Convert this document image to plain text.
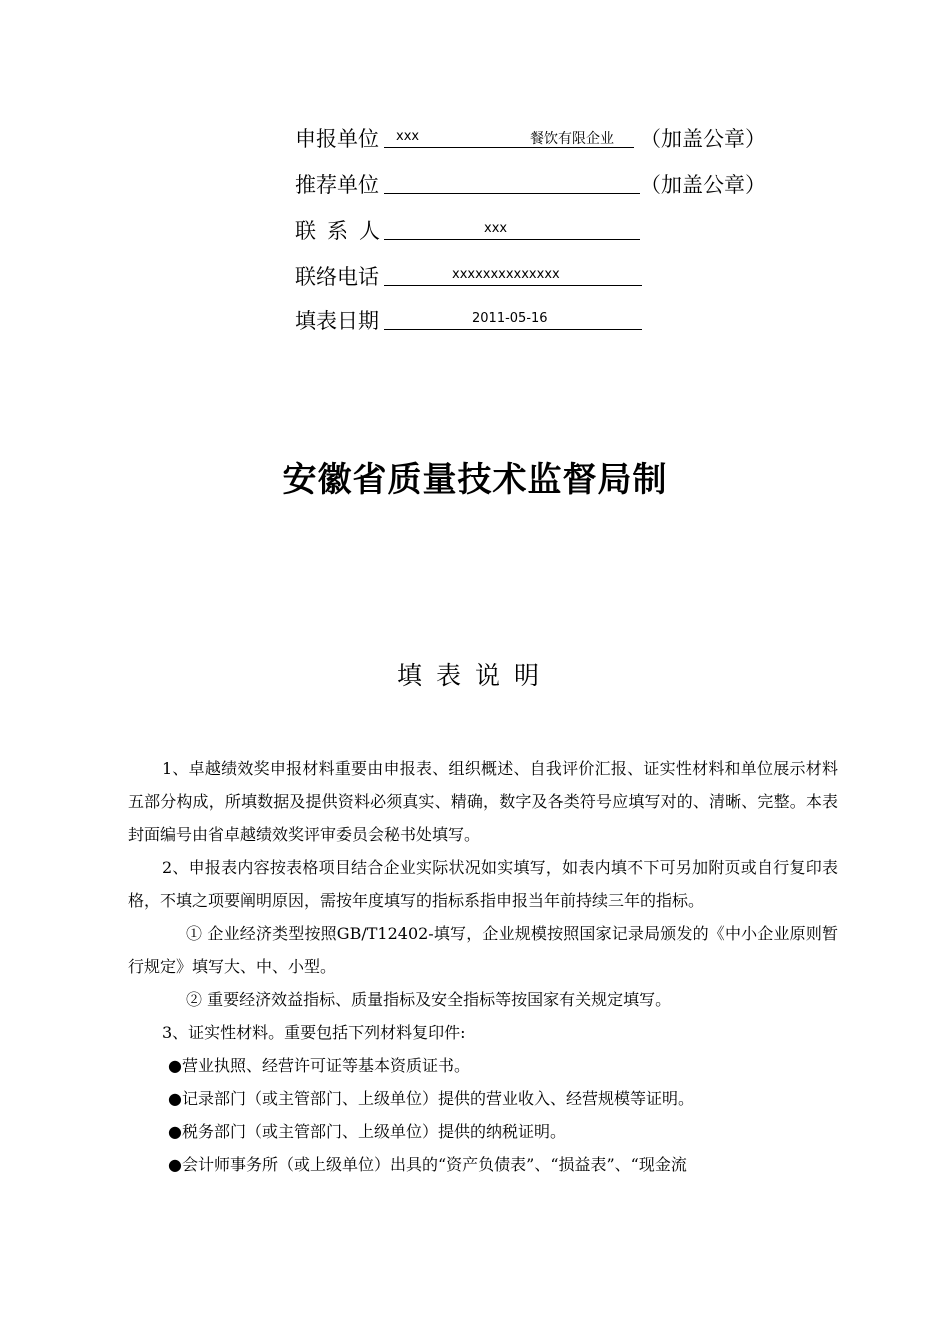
申报单位 xxx	餐饮有限企业 （加盖公章）
推荐单位	（加盖公章）
联系人	xxx
联络电话	xxxxxxxxxxxxxx
填表日期	2011-05-16
安徽省质量技术监督局制
填表说明

1、卓越绩效奖申报材料重要由申报表、组织概述、自我评价汇报、证实性材料和单位展示材料五部分构成，所填数据及提供资料必须真实、精确，数字及各类符号应填写对的、清晰、完整。本表封面编号由省卓越绩效奖评审委员会秘书处填写。

2、申报表内容按表格项目结合企业实际状况如实填写，如表内填不下可另加附页或自行复印表格，不填之项要阐明原因，需按年度填写的指标系指申报当年前持续三年的指标。

① 企业经济类型按照GB/T12402-填写，企业规模按照国家记录局颁发的《中小企业原则暂行规定》填写大、中、小型。

② 重要经济效益指标、质量指标及安全指标等按国家有关规定填写。

3、证实性材料。重要包括下列材料复印件:

●营业执照、经营许可证等基本资质证书。

●记录部门（或主管部门、上级单位）提供的营业收入、经营规模等证明。

●税务部门（或主管部门、上级单位）提供的纳税证明。

●会计师事务所（或上级单位）出具的“资产负债表”、“损益表”、“现金流
